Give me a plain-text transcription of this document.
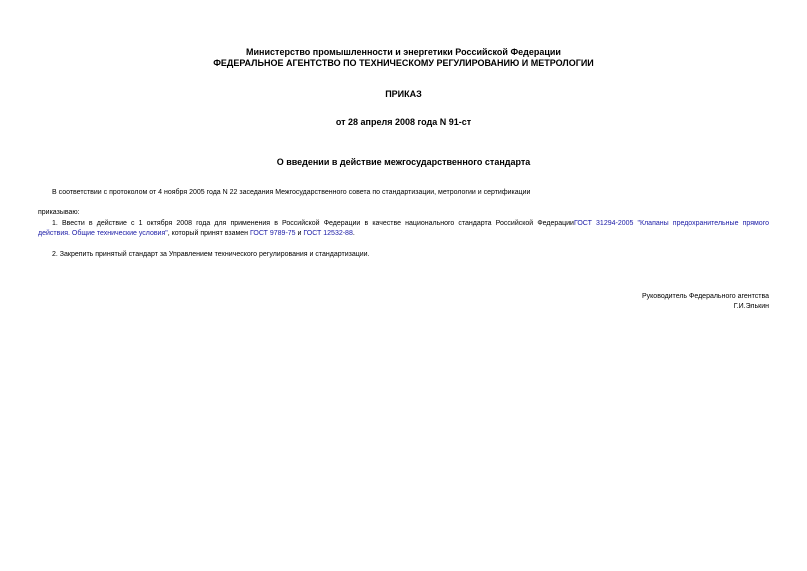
Министерство промышленности и энергетики Российской Федерации
ФЕДЕРАЛЬНОЕ АГЕНТСТВО ПО ТЕХНИЧЕСКОМУ РЕГУЛИРОВАНИЮ И МЕТРОЛОГИИ
ПРИКАЗ
от 28 апреля 2008 года N 91-ст
О введении в действие межгосударственного стандарта
В соответствии с протоколом от 4 ноября 2005 года N 22 заседания Межгосударственного совета по стандартизации, метрологии и сертификации
приказываю:
1. Ввести в действие с 1 октября 2008 года для применения в Российской Федерации в качестве национального стандарта Российской ФедерацииГОСТ 31294-2005 "Клапаны предохранительные прямого
действия. Общие технические условия", который принят взамен ГОСТ 9789-75 и ГОСТ 12532-88.
2. Закрепить принятый стандарт за Управлением технического регулирования и стандартизации.
Руководитель Федерального агентства
Г.И.Элькин
